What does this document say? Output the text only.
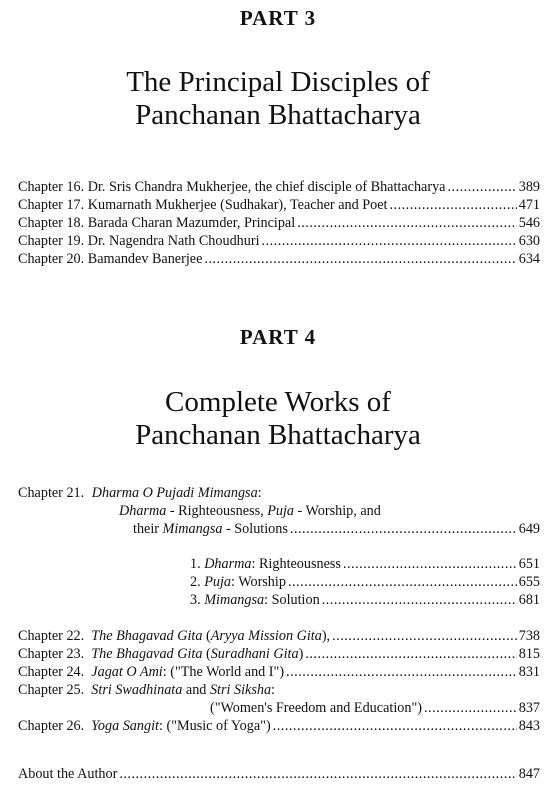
PART 3
The Principal Disciples of
Panchanan Bhattacharya
Chapter 16. Dr. Sris Chandra Mukherjee, the chief disciple of Bhattacharya .....	389
Chapter 17. Kumarnath Mukherjee (Sudhakar), Teacher and Poet .....	471
Chapter 18. Barada Charan Mazumder, Principal .....	546
Chapter 19. Dr. Nagendra Nath Choudhuri .....	630
Chapter 20. Bamandev Banerjee .....	634
PART 4
Complete Works of
Panchanan Bhattacharya
Chapter 21. Dharma O Pujadi Mimangsa:
Dharma - Righteousness, Puja - Worship, and
their Mimangsa - Solutions .....	649
1. Dharma: Righteousness .....	651
2. Puja: Worship .....	655
3. Mimangsa: Solution .....	681
Chapter 22. The Bhagavad Gita (Aryya Mission Gita), .....	738
Chapter 23. The Bhagavad Gita (Suradhani Gita) .....	815
Chapter 24. Jagat O Ami: ("The World and I") .....	831
Chapter 25. Stri Swadhinata and Stri Siksha:
("Women's Freedom and Education") .....	837
Chapter 26. Yoga Sangit: ("Music of Yoga") .....	843
About the Author .....	847
